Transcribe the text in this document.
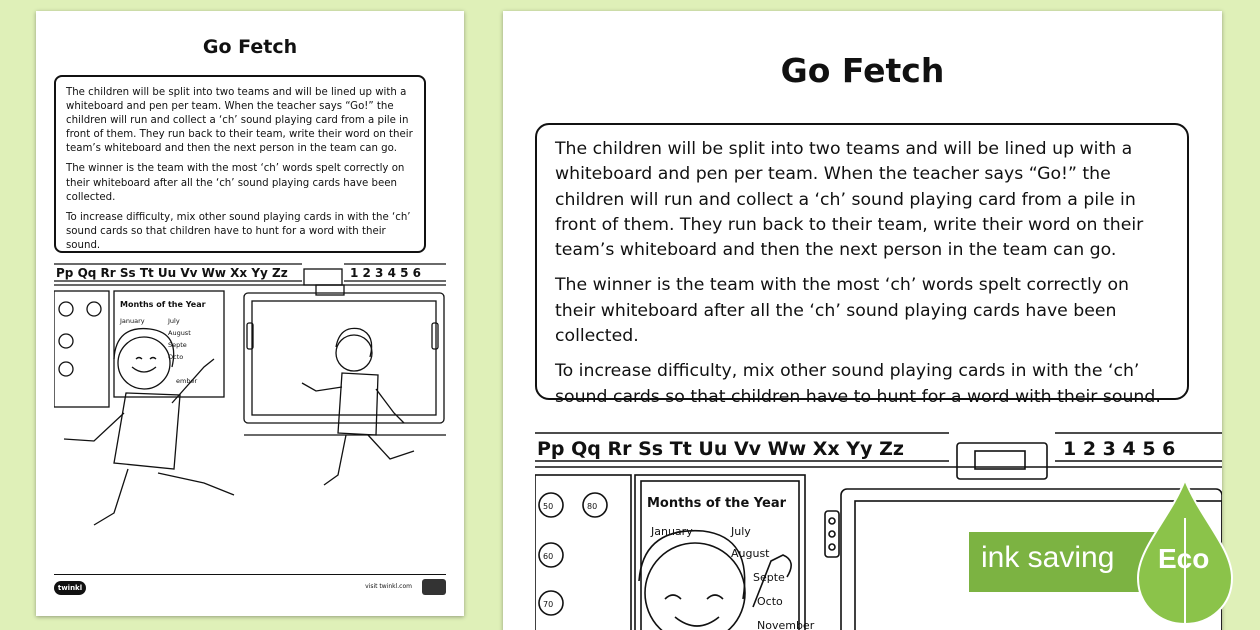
Go Fetch

The children will be split into two teams and will be lined up with a whiteboard and pen per team. When the teacher says “Go!” the children will run and collect a ‘ch’ sound playing card from a pile in front of them. They run back to their team, write their word on their team’s whiteboard and then the next person in the team can go.

The winner is the team with the most ‘ch’ words spelt correctly on their whiteboard after all the ‘ch’ sound playing cards have been collected.

To increase difficulty, mix other sound playing cards in with the ‘ch’ sound cards so that children have to hunt for a word with their sound.

Pp Qq Rr Ss Tt Uu Vv Ww Xx Yy Zz	1 2 3 4 5 6
Months of the Year
January	July
August
Septe
Octo
ember
twinkl	visit twinkl.com
Go Fetch

The children will be split into two teams and will be lined up with a whiteboard and pen per team. When the teacher says “Go!” the children will run and collect a ‘ch’ sound playing card from a pile in front of them. They run back to their team, write their word on their team’s whiteboard and then the next person in the team can go.

The winner is the team with the most ‘ch’ words spelt correctly on their whiteboard after all the ‘ch’ sound playing cards have been collected.

To increase difficulty, mix other sound playing cards in with the ‘ch’ sound cards so that children have to hunt for a word with their sound.

Pp Qq Rr Ss Tt Uu Vv Ww Xx Yy Zz	1 2 3 4 5 6
Months of the Year
January	July
August
Septe
Octo
November
50	80
60
70
ink saving Eco
